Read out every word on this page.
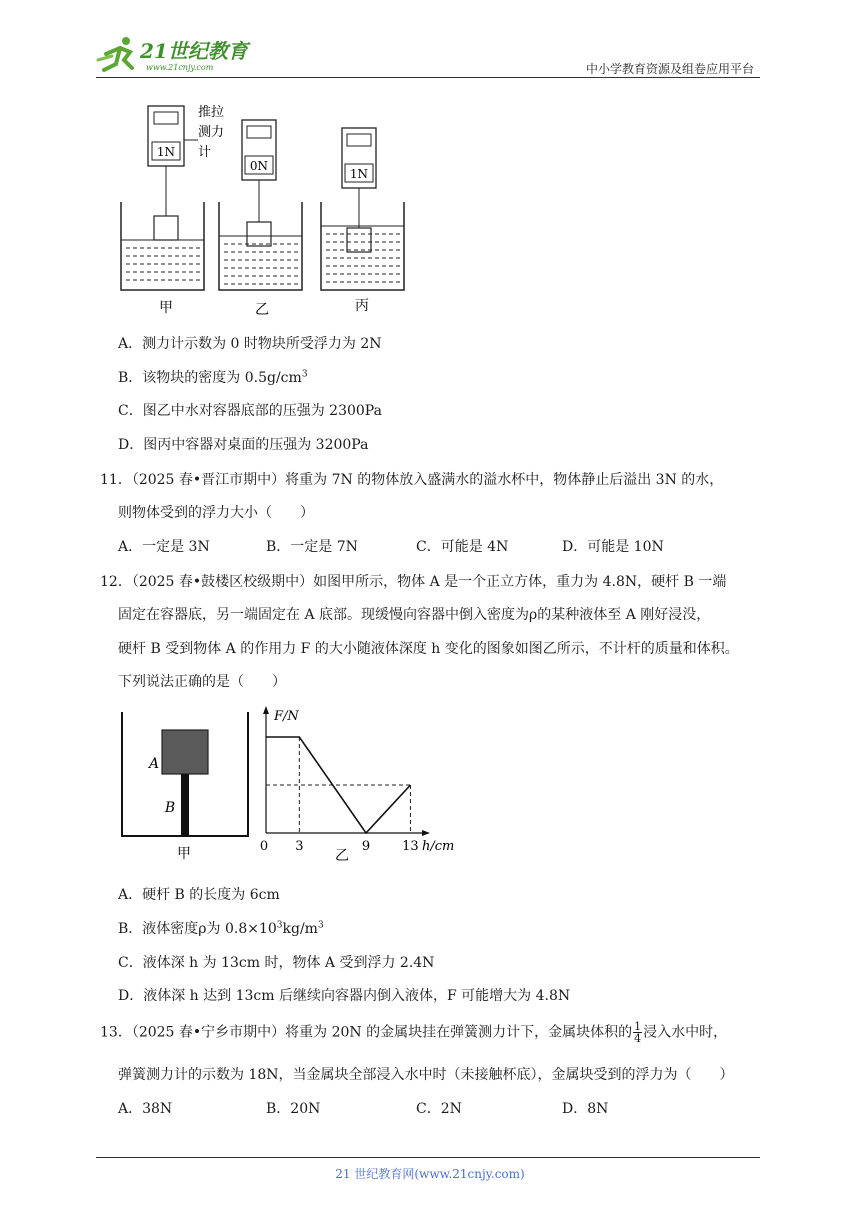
21世纪教育
www.21cnjy.com	中小学教育资源及组卷应用平台
1N
推拉
测力
计
甲
0N
乙
1N
丙
A．测力计示数为 0 时物块所受浮力为 2N
B．该物块的密度为 $0.5g/cm^3$
C．图乙中水对容器底部的压强为 2300Pa
D．图丙中容器对桌面的压强为 3200Pa
11．（2025 春•晋江市期中）将重为 7N 的物体放入盛满水的溢水杯中，物体静止后溢出 3N 的水，
则物体受到的浮力大小（　　）
A．一定是 3N	B．一定是 7N	C．可能是 4N	D．可能是 10N
12．（2025 春•鼓楼区校级期中）如图甲所示，物体 A 是一个正立方体，重力为 4.8N，硬杆 B 一端
固定在容器底，另一端固定在 A 底部。现缓慢向容器中倒入密度为ρ的某种液体至 A 刚好浸没，
硬杆 B 受到物体 A 的作用力 F 的大小随液体深度 h 变化的图象如图乙所示，不计杆的质量和体积。
下列说法正确的是（　　）
A
B
甲
F/N
h/cm
0 3	9 13
乙
A．硬杆 B 的长度为 6cm
B．液体密度ρ为 $0.8\times 10^3kg/m^3$
C．液体深 h 为 13cm 时，物体 A 受到浮力 2.4N
D．液体深 h 达到 13cm 后继续向容器内倒入液体，F 可能增大为 4.8N
13．（2025 春•宁乡市期中）将重为 20N 的金属块挂在弹簧测力计下，金属块体积的 $\frac{1}{4}$ 浸入水中时，
弹簧测力计的示数为 18N，当金属块全部浸入水中时（未接触杯底），金属块受到的浮力为（　　）
A．38N	B．20N	C．2N	D．8N
21 世纪教育网(www.21cnjy.com)
